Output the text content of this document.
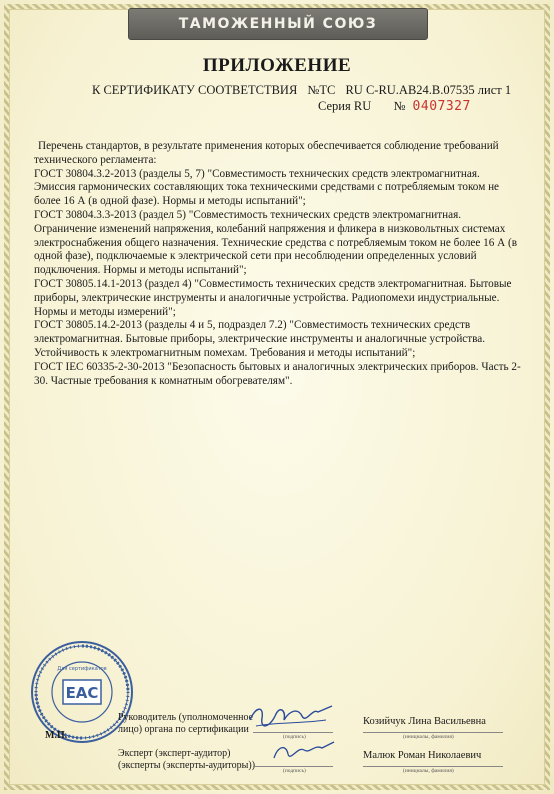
ТАМОЖЕННЫЙ СОЮЗ
ПРИЛОЖЕНИЕ
К СЕРТИФИКАТУ СООТВЕТСТВИЯ №ТС RU C-RU.AB24.B.07535 лист 1
Серия RU № 0407327

Перечень стандартов, в результате применения которых обеспечивается соблюдение требований технического регламента:

ГОСТ 30804.3.2-2013 (разделы 5, 7) "Совместимость технических средств электромагнитная. Эмиссия гармонических составляющих тока техническими средствами с потребляемым током не более 16 А (в одной фазе). Нормы и методы испытаний";

ГОСТ 30804.3.3-2013 (раздел 5) "Совместимость технических средств электромагнитная. Ограничение изменений напряжения, колебаний напряжения и фликера в низковольтных системах электроснабжения общего назначения. Технические средства с потребляемым током не более 16 А (в одной фазе), подключаемые к электрической сети при несоблюдении определенных условий подключения. Нормы и методы испытаний";

ГОСТ 30805.14.1-2013 (раздел 4) "Совместимость технических средств электромагнитная. Бытовые приборы, электрические инструменты и аналогичные устройства. Радиопомехи индустриальные. Нормы и методы измерений";

ГОСТ 30805.14.2-2013 (разделы 4 и 5, подраздел 7.2) "Совместимость технических средств электромагнитная. Бытовые приборы, электрические инструменты и аналогичные устройства. Устойчивость к электромагнитным помехам. Требования и методы испытаний";

ГОСТ IEC 60335-2-30-2013 "Безопасность бытовых и аналогичных электрических приборов. Часть 2-30. Частные требования к комнатным обогревателям".

ЕАС
Для сертификатов
М.П.
Руководитель (уполномоченное
лицо) органа по сертификации
(подпись)
Козийчук Лина Васильевна
(инициалы, фамилия)
Эксперт (эксперт-аудитор)
(эксперты (эксперты-аудиторы))	(подпись)
Малюк Роман Николаевич
(инициалы, фамилия)
